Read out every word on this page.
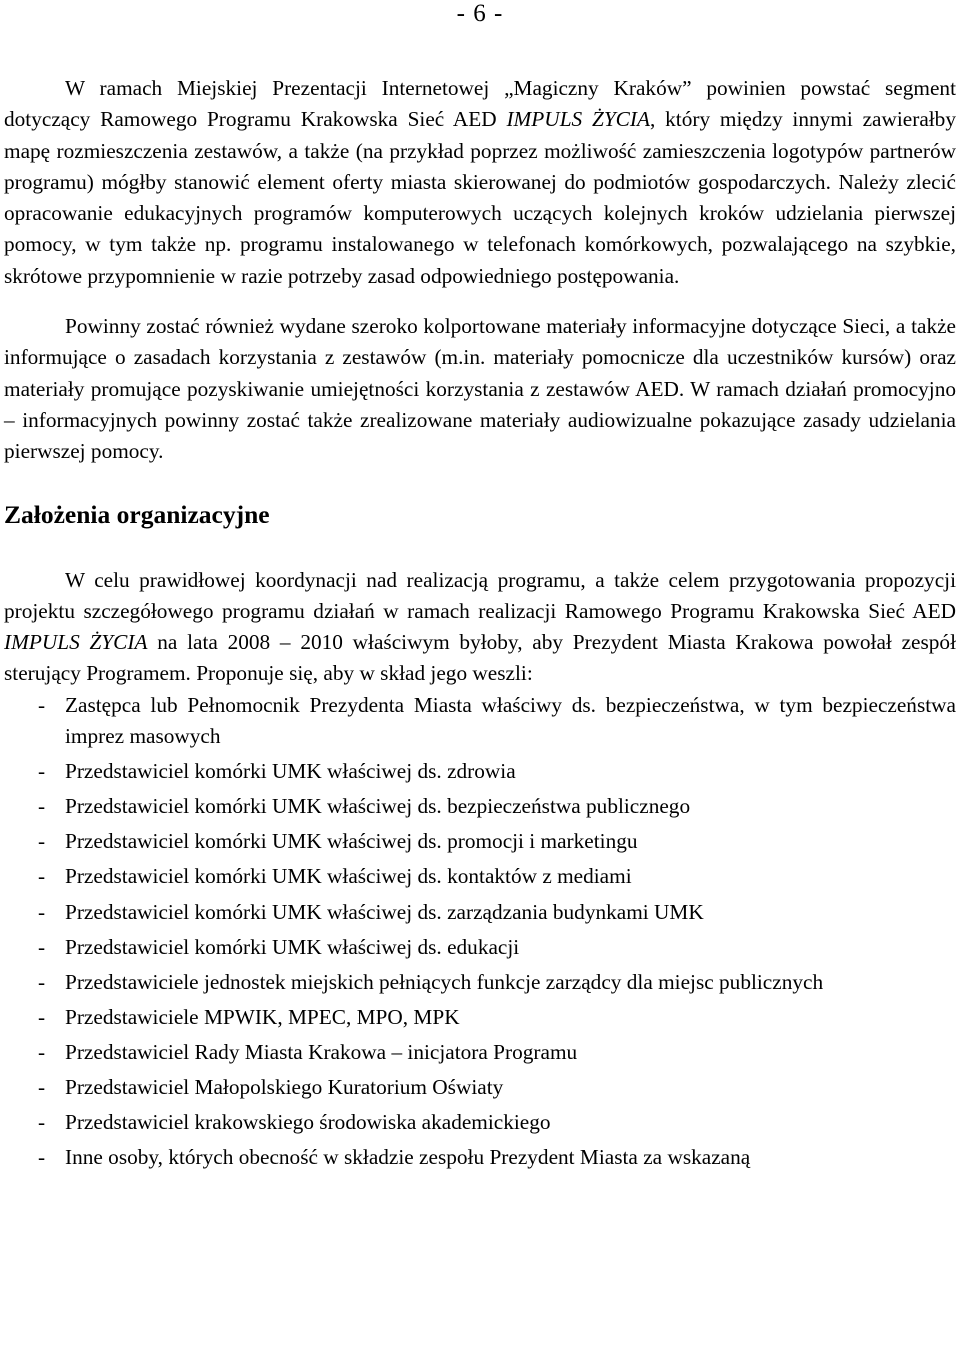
- 6 -

W ramach Miejskiej Prezentacji Internetowej „Magiczny Kraków” powinien powstać segment dotyczący Ramowego Programu Krakowska Sieć AED IMPULS ŻYCIA, który między innymi zawierałby mapę rozmieszczenia zestawów, a także (na przykład poprzez możliwość zamieszczenia logotypów partnerów programu) mógłby stanowić element oferty miasta skierowanej do podmiotów gospodarczych. Należy zlecić opracowanie edukacyjnych programów komputerowych uczących kolejnych kroków udzielania pierwszej pomocy, w tym także np. programu instalowanego w telefonach komórkowych, pozwalającego na szybkie, skrótowe przypomnienie w razie potrzeby zasad odpowiedniego postępowania.

Powinny zostać również wydane szeroko kolportowane materiały informacyjne dotyczące Sieci, a także informujące o zasadach korzystania z zestawów (m.in. materiały pomocnicze dla uczestników kursów) oraz materiały promujące pozyskiwanie umiejętności korzystania z zestawów AED. W ramach działań promocyjno – informacyjnych powinny zostać także zrealizowane materiały audiowizualne pokazujące zasady udzielania pierwszej pomocy.

Założenia organizacyjne

W celu prawidłowej koordynacji nad realizacją programu, a także celem przygotowania propozycji projektu szczegółowego programu działań w ramach realizacji Ramowego Programu Krakowska Sieć AED IMPULS ŻYCIA na lata 2008 – 2010 właściwym byłoby, aby Prezydent Miasta Krakowa powołał zespół sterujący Programem. Proponuje się, aby w skład jego weszli:

- Zastępca lub Pełnomocnik Prezydenta Miasta właściwy ds. bezpieczeństwa, w tym bezpieczeństwa imprez masowych
- Przedstawiciel komórki UMK właściwej ds. zdrowia
- Przedstawiciel komórki UMK właściwej ds. bezpieczeństwa publicznego
- Przedstawiciel komórki UMK właściwej ds. promocji i marketingu
- Przedstawiciel komórki UMK właściwej ds. kontaktów z mediami
- Przedstawiciel komórki UMK właściwej ds. zarządzania budynkami UMK
- Przedstawiciel komórki UMK właściwej ds. edukacji
- Przedstawiciele jednostek miejskich pełniących funkcje zarządcy dla miejsc publicznych
- Przedstawiciele MPWIK, MPEC, MPO, MPK
- Przedstawiciel Rady Miasta Krakowa – inicjatora Programu
- Przedstawiciel Małopolskiego Kuratorium Oświaty
- Przedstawiciel krakowskiego środowiska akademickiego
- Inne osoby, których obecność w składzie zespołu Prezydent Miasta za wskazaną
